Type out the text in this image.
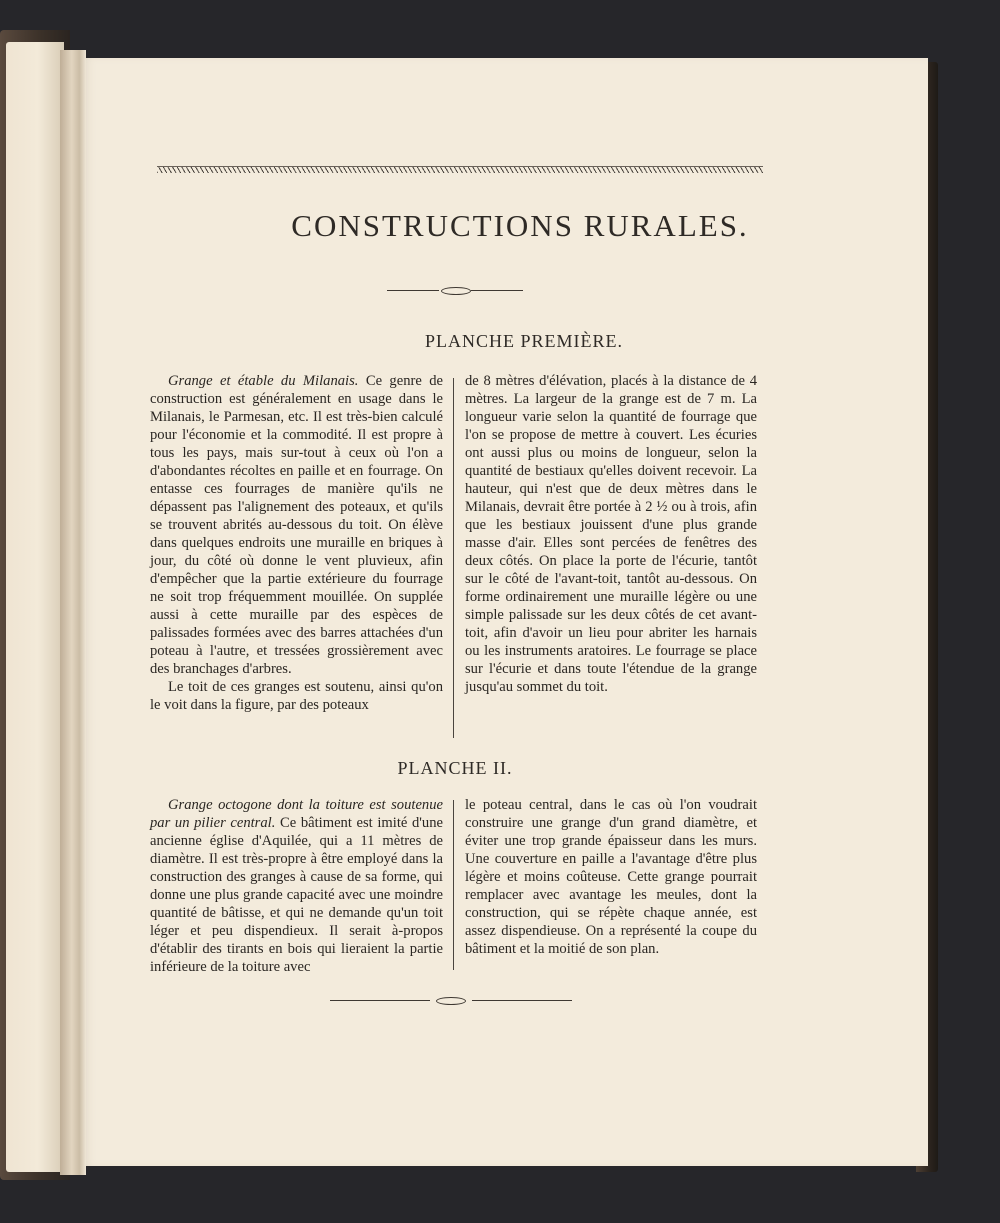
CONSTRUCTIONS RURALES.
PLANCHE PREMIÈRE.

Grange et étable du Milanais. Ce genre de construction est généralement en usage dans le Milanais, le Parmesan, etc. Il est très-bien calculé pour l'économie et la commodité. Il est propre à tous les pays, mais sur-tout à ceux où l'on a d'abondantes récoltes en paille et en fourrage. On entasse ces fourrages de manière qu'ils ne dépassent pas l'alignement des poteaux, et qu'ils se trouvent abrités au-dessous du toit. On élève dans quelques endroits une muraille en briques à jour, du côté où donne le vent pluvieux, afin d'empêcher que la partie extérieure du fourrage ne soit trop fréquemment mouillée. On supplée aussi à cette muraille par des espèces de palissades formées avec des barres attachées d'un poteau à l'autre, et tressées grossièrement avec des branchages d'arbres.

Le toit de ces granges est soutenu, ainsi qu'on le voit dans la figure, par des poteaux

de 8 mètres d'élévation, placés à la distance de 4 mètres. La largeur de la grange est de 7 m. La longueur varie selon la quantité de fourrage que l'on se propose de mettre à couvert. Les écuries ont aussi plus ou moins de longueur, selon la quantité de bestiaux qu'elles doivent recevoir. La hauteur, qui n'est que de deux mètres dans le Milanais, devrait être portée à 2 ½ ou à trois, afin que les bestiaux jouissent d'une plus grande masse d'air. Elles sont percées de fenêtres des deux côtés. On place la porte de l'écurie, tantôt sur le côté de l'avant-toit, tantôt au-dessous. On forme ordinairement une muraille légère ou une simple palissade sur les deux côtés de cet avant-toit, afin d'avoir un lieu pour abriter les harnais ou les instruments aratoires. Le fourrage se place sur l'écurie et dans toute l'étendue de la grange jusqu'au sommet du toit.

PLANCHE II.

Grange octogone dont la toiture est soutenue par un pilier central. Ce bâtiment est imité d'une ancienne église d'Aquilée, qui a 11 mètres de diamètre. Il est très-propre à être employé dans la construction des granges à cause de sa forme, qui donne une plus grande capacité avec une moindre quantité de bâtisse, et qui ne demande qu'un toit léger et peu dispendieux. Il serait à-propos d'établir des tirants en bois qui lieraient la partie inférieure de la toiture avec

le poteau central, dans le cas où l'on voudrait construire une grange d'un grand diamètre, et éviter une trop grande épaisseur dans les murs. Une couverture en paille a l'avantage d'être plus légère et moins coûteuse. Cette grange pourrait remplacer avec avantage les meules, dont la construction, qui se répète chaque année, est assez dispendieuse. On a représenté la coupe du bâtiment et la moitié de son plan.
